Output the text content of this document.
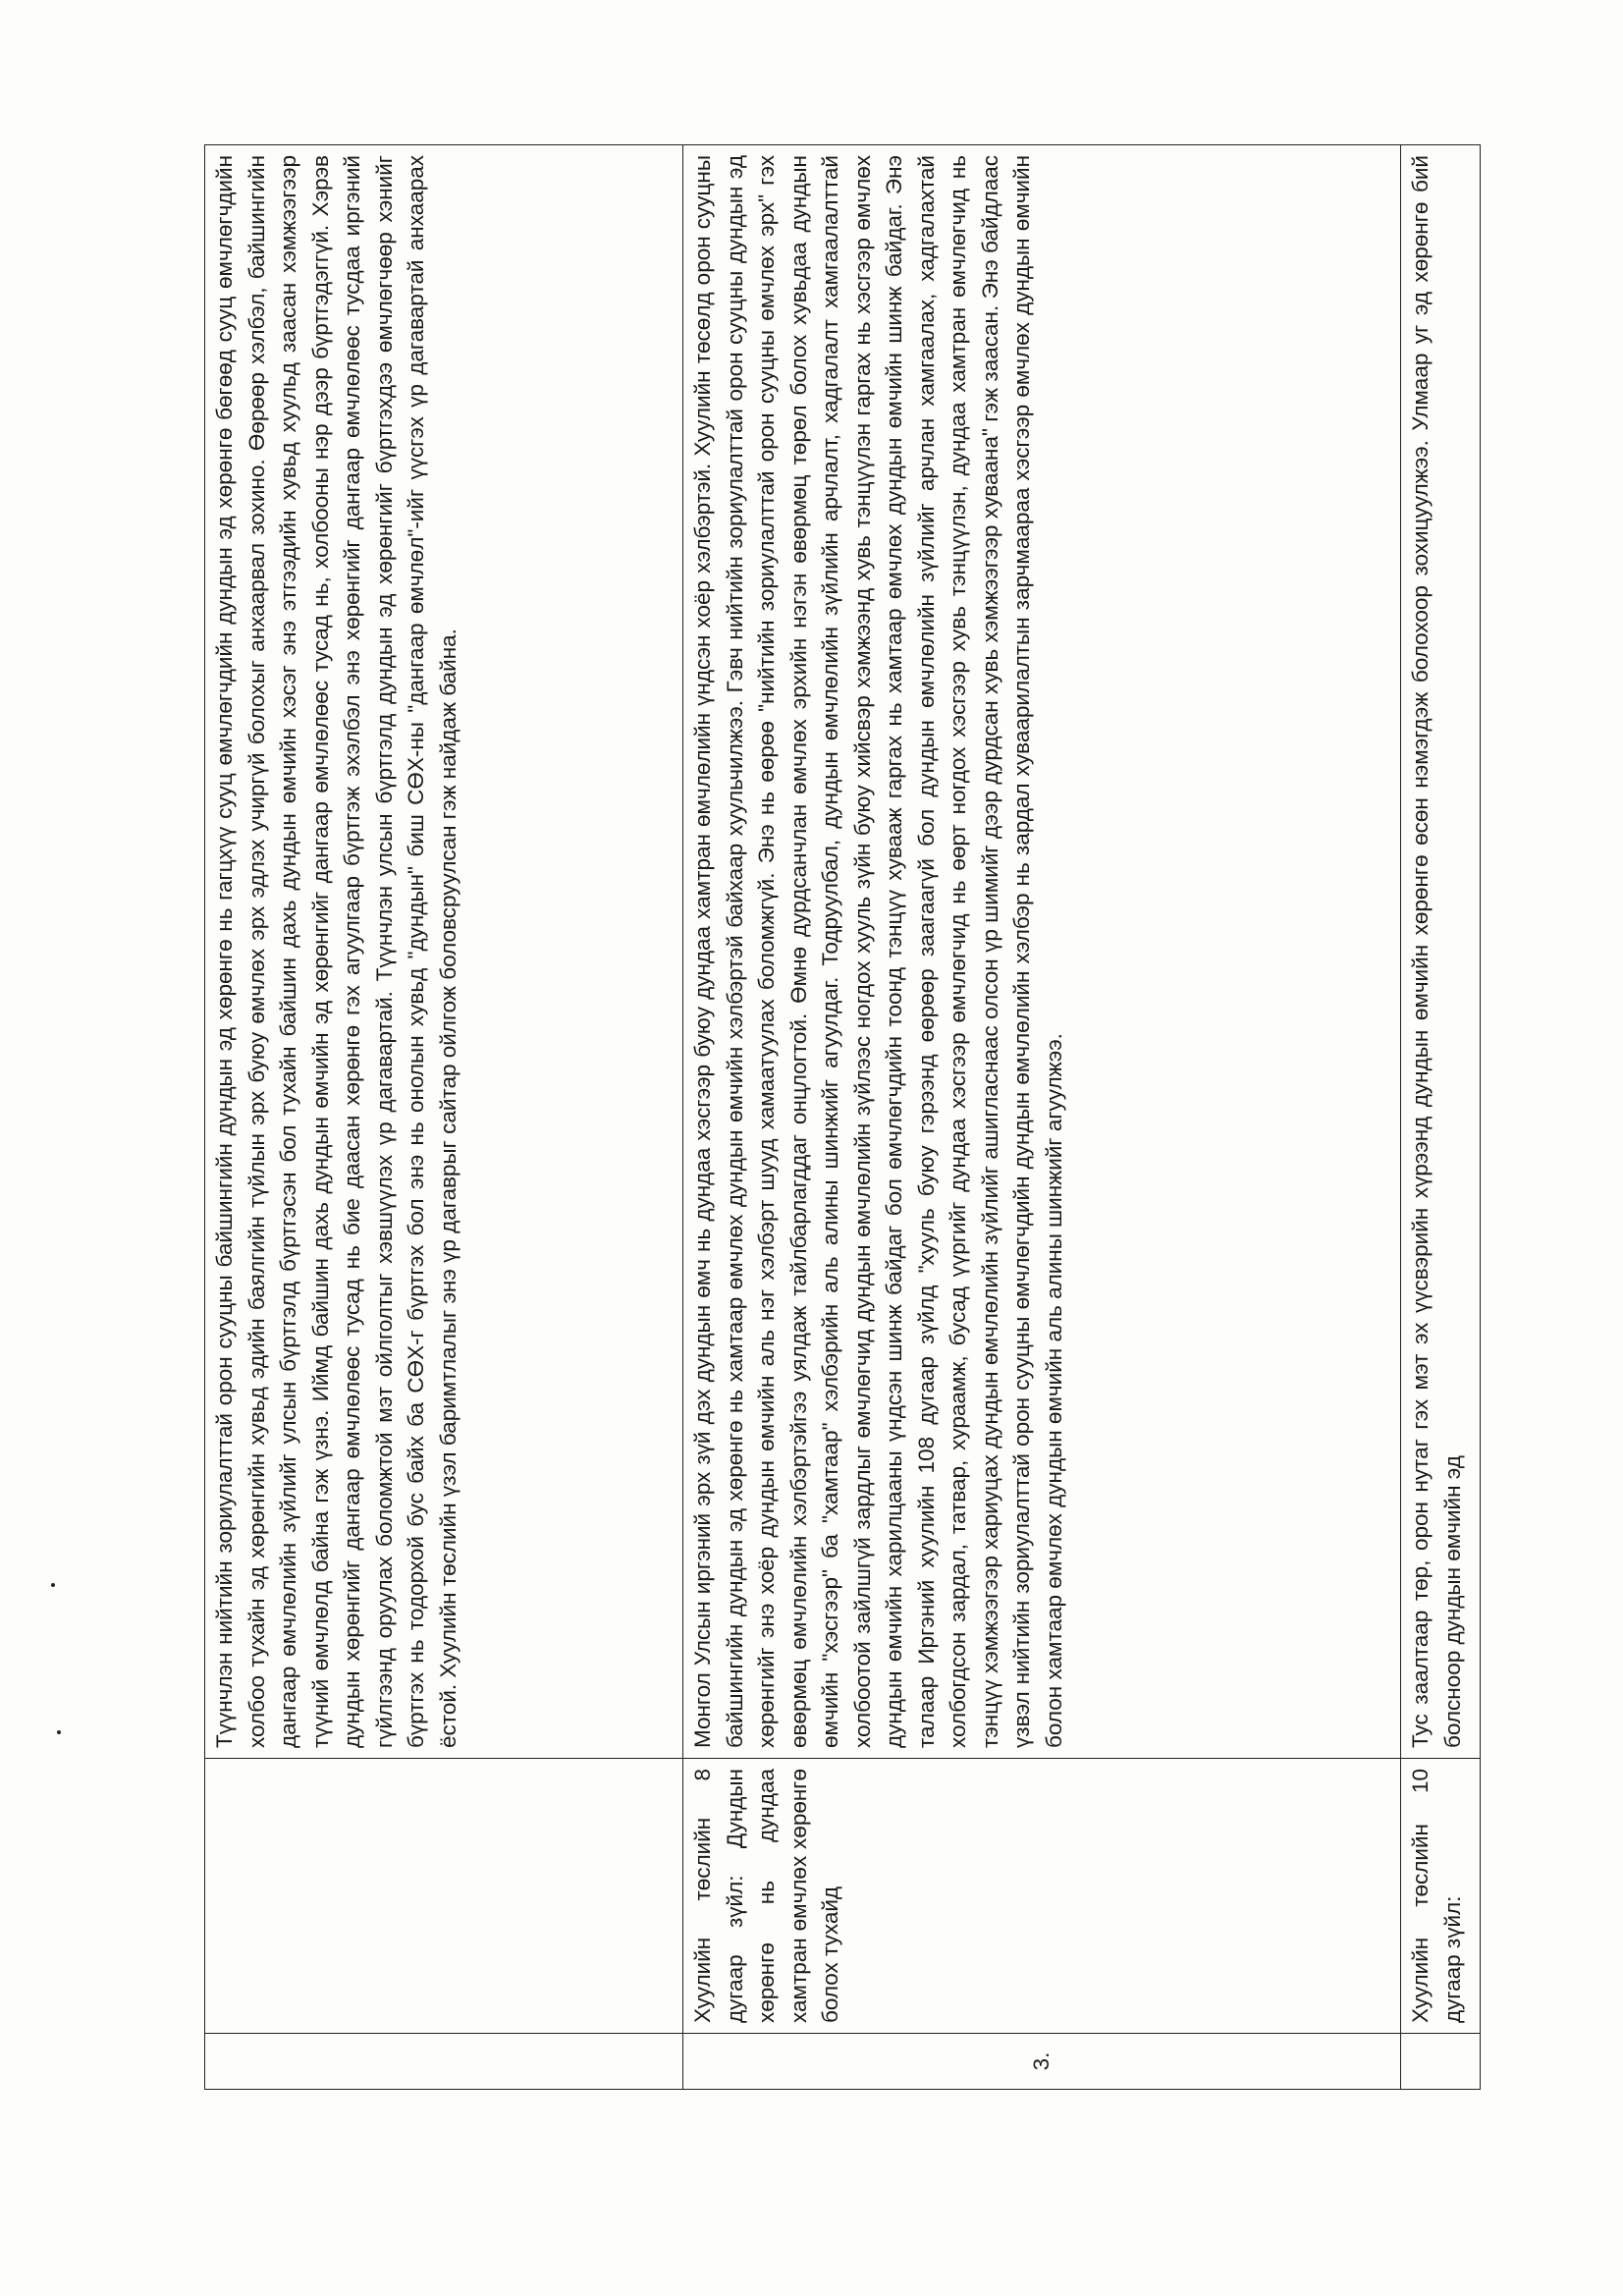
		Түүнчлэн нийтийн зориулалттай орон сууцны байшингийн дундын эд хөрөнгө нь гагцхүү сууц өмчлөгчдийн дундын эд хөрөнгө бөгөөд сууц өмчлөгчдийн холбоо тухайн эд хөрөнгийн хувьд эдийн баялгийн түйлын эрх буюу өмчлөх эрх эдлэх учиргүй болохыг анхаарвал зохино. Өөрөөр хэлбэл, байшингийн дангаар өмчлөлийн зүйлийг улсын бүртгэлд бүртгэсэн бол тухайн байшин дахь дундын өмчийн хэсэг энэ этгээдийн хувьд хуульд заасан хэмжээгээр түүний өмчлөлд байна гэж үзнэ. Иймд байшин дахь дундын өмчийн эд хөрөнгийг дангаар өмчлөлөөс тусад нь, холбооны нэр дээр бүртгэдэггүй. Хэрэв дундын хөрөнгийг дангаар өмчлөлөөс тусад нь бие даасан хөрөнгө гэх агуулгаар бүртгэж эхэлбэл энэ хөрөнгийг дангаар өмчлөлөөс тусдаа иргэний гүйлгээнд оруулах боломжтой мэт ойлголтыг хэвшүүлэх үр дагавартай. Түүнчлэн улсын бүртгэлд дундын эд хөрөнгийг бүртгэхдээ өмчлөгчөөр хэнийг бүртгэх нь тодорхой бус байх ба СӨХ-г бүртгэх бол энэ нь онолын хувьд "дундын" биш СӨХ-ны "дангаар өмчлөл"-ийг үүсгэх үр дагавартай анхаарах ёстой. Хуулийн төслийн үзэл баримтлалыг энэ үр дагаврыг сайтар ойлгож боловсруулсан гэж найдаж байна.

3.	Хуулийн төслийн 8 дугаар зүйл: Дундын хөрөнгө нь дундаа хамтран өмчлөх хөрөнгө болох тухайд	Монгол Улсын иргэний эрх зүй дэх дундын өмч нь дундаа хэсгээр буюу дундаа хамтран өмчлөлийн үндсэн хоёр хэлбэртэй. Хуулийн төсөлд орон сууцны байшингийн дундын эд хөрөнгө нь хамтаар өмчлөх дундын өмчийн хэлбэртэй байхаар хуульчилжээ. Гэвч нийтийн зориулалттай орон сууцны дундын эд хөрөнгийг энэ хоёр дундын өмчийн аль нэг хэлбэрт шууд хамаатуулах боломжгүй. Энэ нь өөрөө "нийтийн зориулалттай орон сууцны өмчлөх эрх" гэх өвөрмөц өмчлөлийн хэлбэртэйгээ уялдаж тайлбарлагддаг онцлогтой. Өмнө дурдсанчлан өмчлөх эрхийн нэгэн өвөрмөц төрөл болох хувьдаа дундын өмчийн "хэсгээр" ба "хамтаар" хэлбэрийн аль алины шинжийг агуулдаг. Тодруулбал, дундын өмчлөлийн зүйлийн арчлалт, хадгалалт хамгаалалттай холбоотой зайлшгүй зардлыг өмчлөгчид дундын өмчлөлийн зүйлээс ногдох хууль зүйн буюу хийсвэр хэмжээнд хувь тэнцүүлэн гаргах нь хэсгээр өмчлөх дундын өмчийн харилцааны үндсэн шинж байдаг бол өмчлөгчдийн тоонд тэнцүү хувааж гаргах нь хамтаар өмчлөх дундын өмчийн шинж байдаг. Энэ талаар Иргэний хуулийн 108 дугаар зүйлд "хууль буюу гэрээнд өөрөөр заагаагүй бол дундын өмчлөлийн зүйлийг арчлан хамгаалах, хадгалахтай холбогдсон зардал, татвар, хураамж, бусад үүргийг дундаа хэсгээр өмчлөгчид нь өөрт ногдох хэсгээр хувь тэнцүүлэн, дундаа хамтран өмчлөгчид нь тэнцүү хэмжээгээр хариуцах дундын өмчлөлийн зүйлийг ашигласнаас олсон үр шимийг дээр дурдсан хувь хэмжээгээр хуваана" гэж заасан. Энэ байдлаас үзвэл нийтийн зориулалттай орон сууцны өмчлөгчдийн дундын өмчлөлийн хэлбэр нь зардал хуваарилалтын зарчмаараа хэсгээр өмчлөх дундын өмчийн болон хамтаар өмчлөх дундын өмчийн аль алины шинжийг агуулжээ.

	Хуулийн төслийн 10 дугаар зүйл:	Тус заалтаар төр, орон нутаг гэх мэт эх үүсвэрийн хүрээнд дундын өмчийн хөрөнгө өсөн нэмэгдэж болохоор зохицуулжээ. Улмаар уг эд хөрөнгө бий болсноор дундын өмчийн эд
